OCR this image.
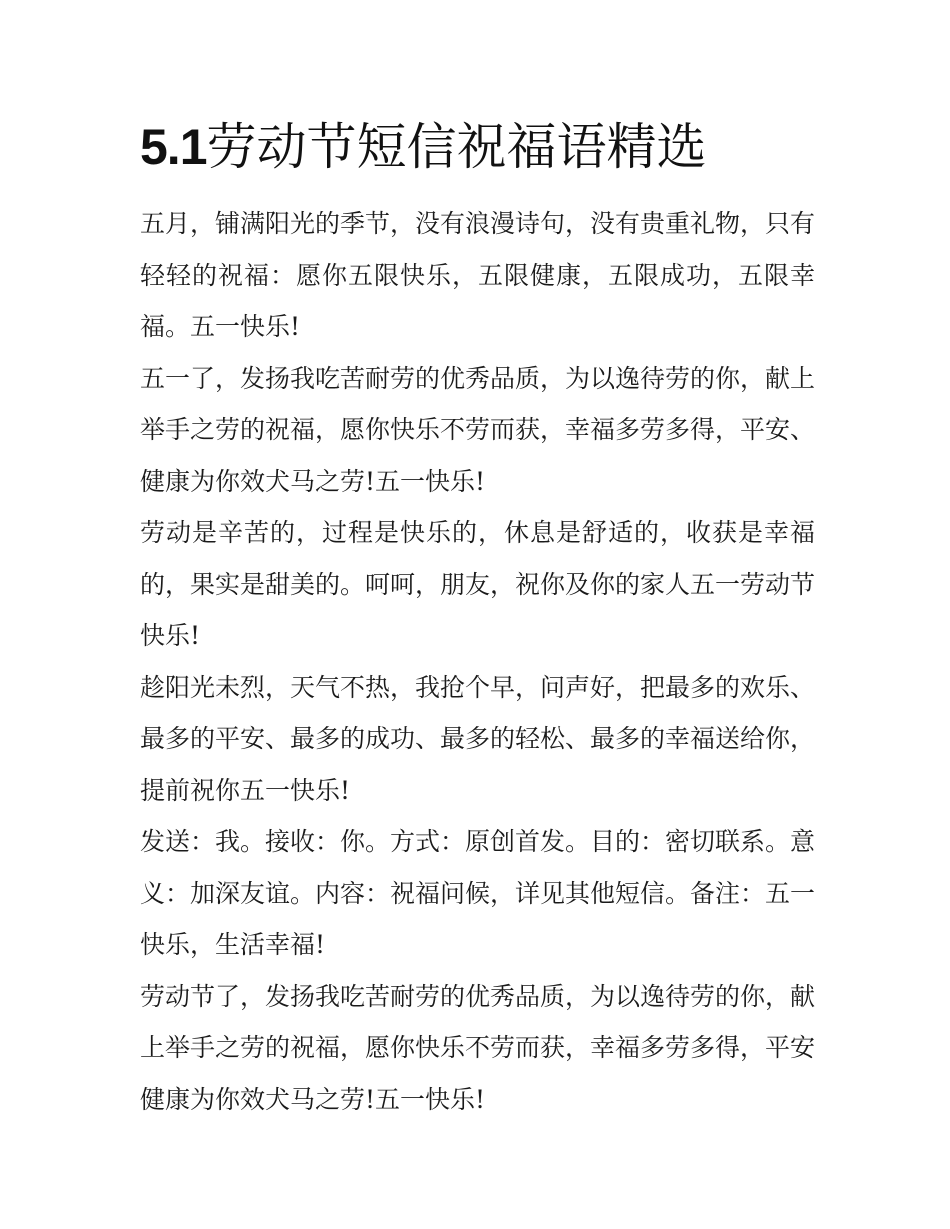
5.1劳动节短信祝福语精选

五月，铺满阳光的季节，没有浪漫诗句，没有贵重礼物，只有轻轻的祝福：愿你五限快乐，五限健康，五限成功，五限幸福。五一快乐!

五一了，发扬我吃苦耐劳的优秀品质，为以逸待劳的你，献上举手之劳的祝福，愿你快乐不劳而获，幸福多劳多得，平安、健康为你效犬马之劳!五一快乐!

劳动是辛苦的，过程是快乐的，休息是舒适的，收获是幸福的，果实是甜美的。呵呵，朋友，祝你及你的家人五一劳动节快乐!

趁阳光未烈，天气不热，我抢个早，问声好，把最多的欢乐、最多的平安、最多的成功、最多的轻松、最多的幸福送给你，提前祝你五一快乐!

发送：我。接收：你。方式：原创首发。目的：密切联系。意义：加深友谊。内容：祝福问候，详见其他短信。备注：五一快乐，生活幸福!

劳动节了，发扬我吃苦耐劳的优秀品质，为以逸待劳的你，献上举手之劳的祝福，愿你快乐不劳而获，幸福多劳多得，平安健康为你效犬马之劳!五一快乐!
